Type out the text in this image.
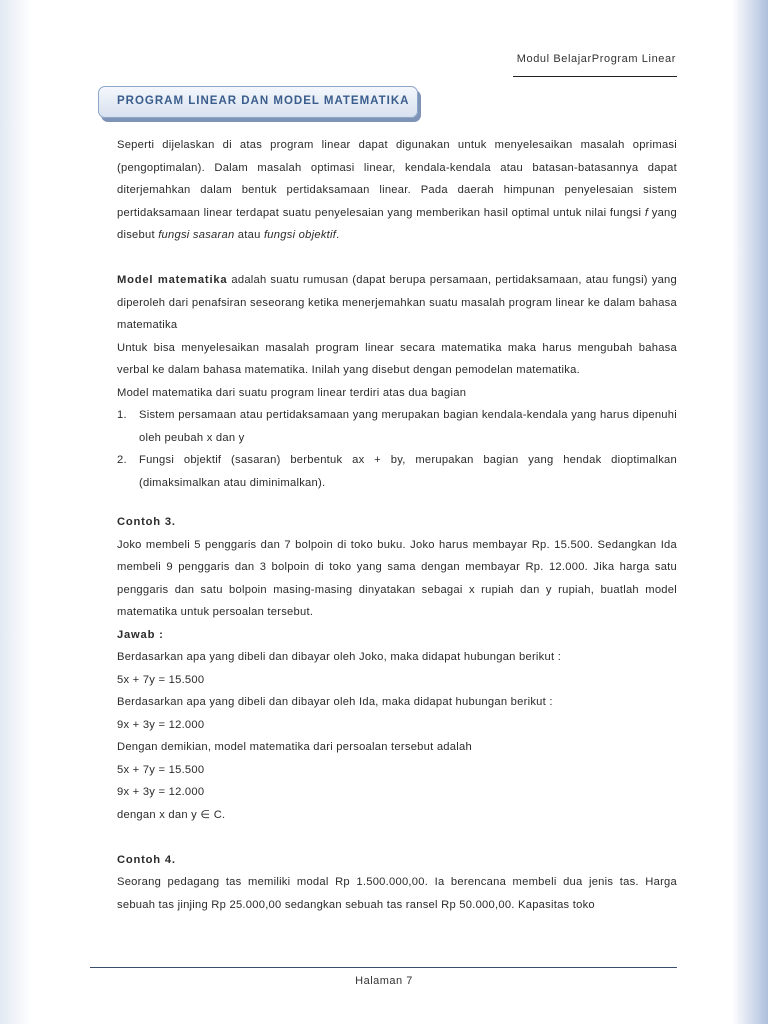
Modul BelajarProgram Linear
PROGRAM LINEAR DAN MODEL MATEMATIKA

Seperti dijelaskan di atas program linear dapat digunakan untuk menyelesaikan masalah oprimasi (pengoptimalan). Dalam masalah optimasi linear, kendala-kendala atau batasan-batasannya dapat diterjemahkan dalam bentuk pertidaksamaan linear. Pada daerah himpunan penyelesaian sistem pertidaksamaan linear terdapat suatu penyelesaian yang memberikan hasil optimal untuk nilai fungsi f yang disebut fungsi sasaran atau fungsi objektif.

Model matematika adalah suatu rumusan (dapat berupa persamaan, pertidaksamaan, atau fungsi) yang diperoleh dari penafsiran seseorang ketika menerjemahkan suatu masalah program linear ke dalam bahasa matematika

Untuk bisa menyelesaikan masalah program linear secara matematika maka harus mengubah bahasa verbal ke dalam bahasa matematika. Inilah yang disebut dengan pemodelan matematika.

Model matematika dari suatu program linear terdiri atas dua bagian

1.	Sistem persamaan atau pertidaksamaan yang merupakan bagian kendala-kendala yang harus dipenuhi oleh peubah x dan y
2.	Fungsi objektif (sasaran) berbentuk ax + by, merupakan bagian yang hendak dioptimalkan (dimaksimalkan atau diminimalkan).

Contoh 3.

Joko membeli 5 penggaris dan 7 bolpoin di toko buku. Joko harus membayar Rp. 15.500. Sedangkan Ida membeli 9 penggaris dan 3 bolpoin di toko yang sama dengan membayar Rp. 12.000. Jika harga satu penggaris dan satu bolpoin masing-masing dinyatakan sebagai x rupiah dan y rupiah, buatlah model matematika untuk persoalan tersebut.

Jawab :

Berdasarkan apa yang dibeli dan dibayar oleh Joko, maka didapat hubungan berikut :

5x + 7y = 15.500

Berdasarkan apa yang dibeli dan dibayar oleh Ida, maka didapat hubungan berikut :

9x + 3y = 12.000

Dengan demikian, model matematika dari persoalan tersebut adalah

5x + 7y = 15.500

9x + 3y = 12.000

dengan x dan y ∈ C.

Contoh 4.

Seorang pedagang tas memiliki modal Rp 1.500.000,00. Ia berencana membeli dua jenis tas. Harga sebuah tas jinjing Rp 25.000,00 sedangkan sebuah tas ransel Rp 50.000,00. Kapasitas toko

Halaman 7
